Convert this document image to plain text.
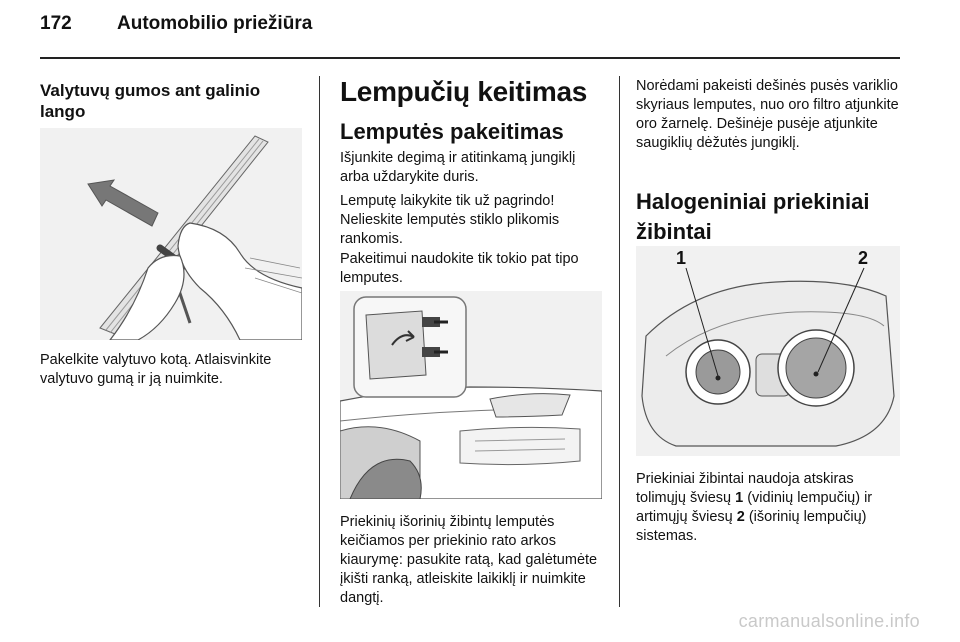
172 Automobilio priežiūra
Valytuvų gumos ant galinio lango
Pakelkite valytuvo kotą. Atlaisvinkite valytuvo gumą ir ją nuimkite.
Lempučių keitimas
Lemputės pakeitimas
Išjunkite degimą ir atitinkamą jungiklį arba uždarykite duris.
Lemputę laikykite tik už pagrindo! Nelieskite lemputės stiklo plikomis rankomis.
Pakeitimui naudokite tik tokio pat tipo lemputes.
Priekinių išorinių žibintų lemputės keičiamos per priekinio rato arkos kiaurymę: pasukite ratą, kad galėtumėte įkišti ranką, atleiskite laikiklį ir nuimkite dangtį.
Norėdami pakeisti dešinės pusės variklio skyriaus lemputes, nuo oro filtro atjunkite oro žarnelę. Dešinėje pusėje atjunkite saugiklių dėžutės jungiklį.
Halogeniniai priekiniai žibintai
1	2
Priekiniai žibintai naudoja atskiras tolimųjų šviesų 1 (vidinių lempučių) ir artimųjų šviesų 2 (išorinių lempučių) sistemas.
carmanualsonline.info
